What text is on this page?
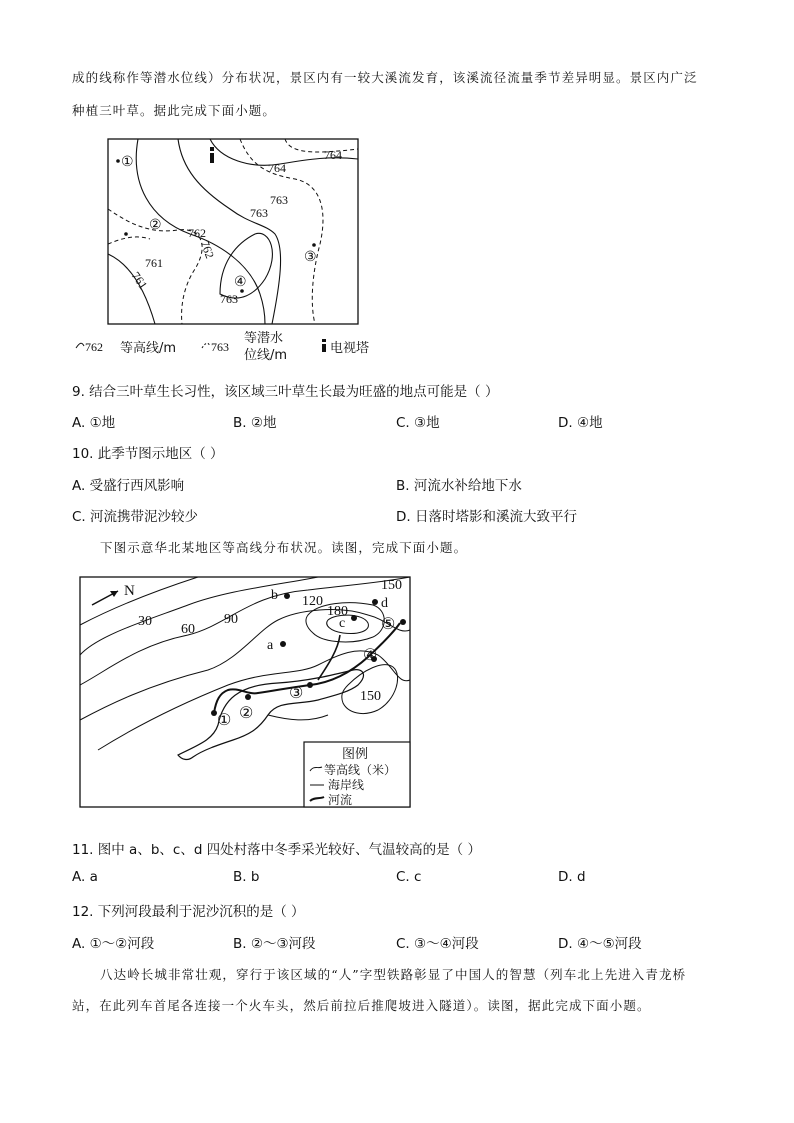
成的线称作等潜水位线）分布状况，景区内有一较大溪流发育，该溪流径流量季节差异明显。景区内广泛
种植三叶草。据此完成下面小题。
764
764
763
763
762
762
761
761
763
①
②
③
④
762 等高线/m	763
等潜水
位线/m	电视塔
9. 结合三叶草生长习性，该区域三叶草生长最为旺盛的地点可能是（ ）
A. ①地	B. ②地	C. ③地	D. ④地
10. 此季节图示地区（ ）
A. 受盛行西风影响	B. 河流水补给地下水
C. 河流携带泥沙较少	D. 日落时塔影和溪流大致平行
下图示意华北某地区等高线分布状况。读图，完成下面小题。
N	150
120
180
30
60
90
150
b
d
c
a
① ②
③
④
⑤
图例
等高线（米）
海岸线
河流
11. 图中 a、b、c、d 四处村落中冬季采光较好、气温较高的是（ ）
A. a	B. b	C. c	D. d
12. 下列河段最利于泥沙沉积的是（ ）
A. ①～②河段	B. ②～③河段	C. ③～④河段	D. ④～⑤河段
八达岭长城非常壮观，穿行于该区域的“人”字型铁路彰显了中国人的智慧（列车北上先进入青龙桥
站，在此列车首尾各连接一个火车头，然后前拉后推爬坡进入隧道）。读图，据此完成下面小题。
